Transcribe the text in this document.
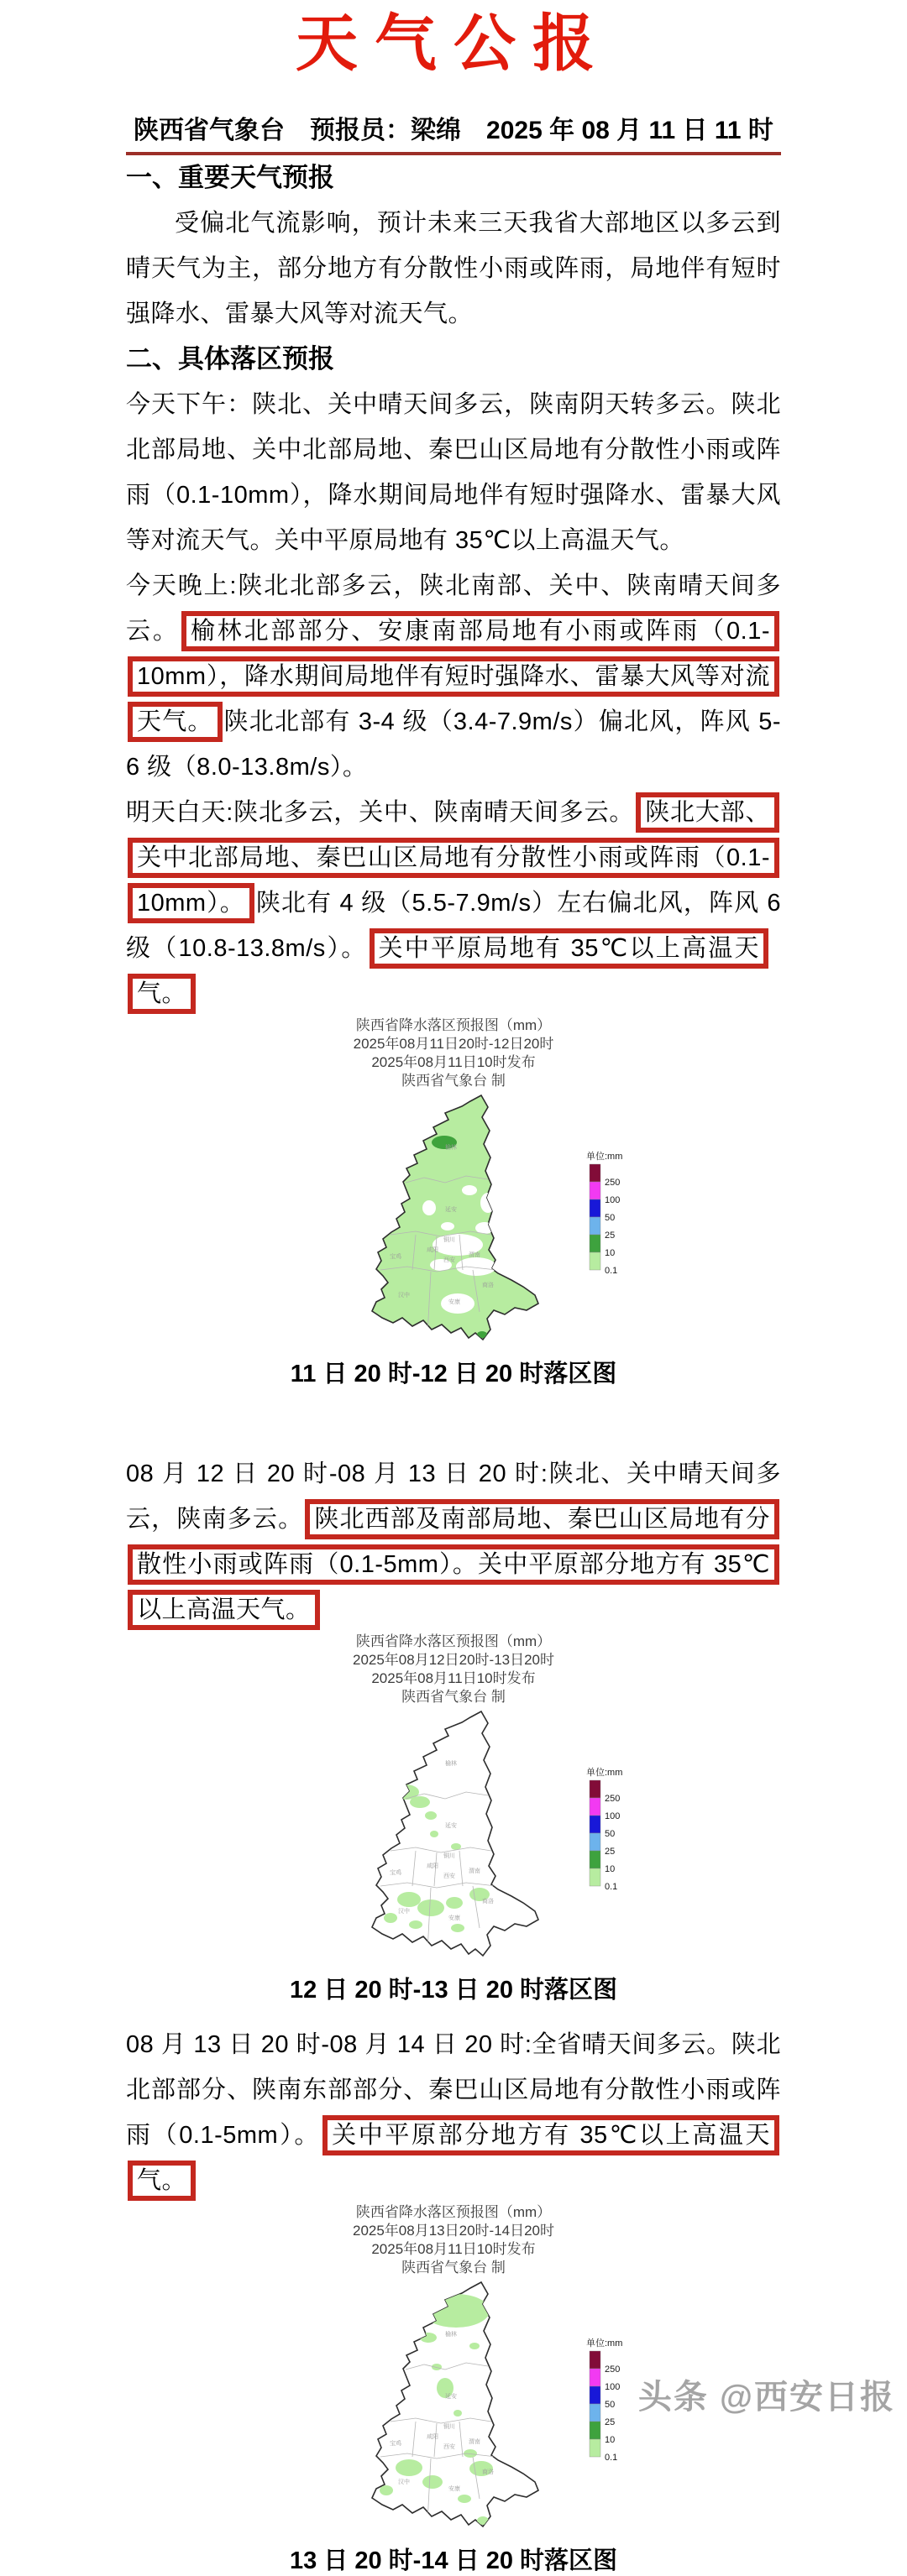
天气公报
陕西省气象台　预报员：梁绵　2025 年 08 月 11 日 11 时
一、重要天气预报

受偏北气流影响，预计未来三天我省大部地区以多云到晴天气为主，部分地方有分散性小雨或阵雨，局地伴有短时强降水、雷暴大风等对流天气。

二、具体落区预报

今天下午：陕北、关中晴天间多云，陕南阴天转多云。陕北北部局地、关中北部局地、秦巴山区局地有分散性小雨或阵雨（0.1-10mm），降水期间局地伴有短时强降水、雷暴大风等对流天气。关中平原局地有 35℃以上高温天气。

今天晚上:陕北北部多云，陕北南部、关中、陕南晴天间多云。 榆林北部部分、安康南部局地有小雨或阵雨（0.1-10mm），降水期间局地伴有短时强降水、雷暴大风等对流天气。 陕北北部有 3-4 级（3.4-7.9m/s）偏北风，阵风 5-6 级（8.0-13.8m/s）。

明天白天:陕北多云，关中、陕南晴天间多云。 陕北大部、关中北部局地、秦巴山区局地有分散性小雨或阵雨（0.1-10mm）。 陕北有 4 级（5.5-7.9m/s）左右偏北风，阵风 6 级（10.8-13.8m/s）。 关中平原局地有 35℃以上高温天气。

陕西省降水落区预报图（mm）
2025年08月11日20时-12日20时
2025年08月11日10时发布
陕西省气象台 制
榆林
延安
铜川
渭南
咸阳
西安
宝鸡
商洛
汉中
安康
单位:mm
250
100
50
25
10
0.1
11 日 20 时-12 日 20 时落区图

08 月 12 日 20 时-08 月 13 日 20 时:陕北、关中晴天间多云，陕南多云。 陕北西部及南部局地、秦巴山区局地有分散性小雨或阵雨（0.1-5mm）。关中平原部分地方有 35℃以上高温天气。

陕西省降水落区预报图（mm）
2025年08月12日20时-13日20时
2025年08月11日10时发布
陕西省气象台 制
榆林
延安
铜川
渭南
咸阳
西安
宝鸡
商洛
汉中
安康
单位:mm
250
100
50
25
10
0.1
12 日 20 时-13 日 20 时落区图

08 月 13 日 20 时-08 月 14 日 20 时:全省晴天间多云。陕北北部部分、陕南东部部分、秦巴山区局地有分散性小雨或阵雨（0.1-5mm）。 关中平原部分地方有 35℃以上高温天气。

陕西省降水落区预报图（mm）
2025年08月13日20时-14日20时
2025年08月11日10时发布
陕西省气象台 制
榆林
延安
铜川
渭南
咸阳
西安
宝鸡
商洛
汉中
安康
单位:mm
250
100
50
25
10
0.1
13 日 20 时-14 日 20 时落区图
头条 @西安日报
